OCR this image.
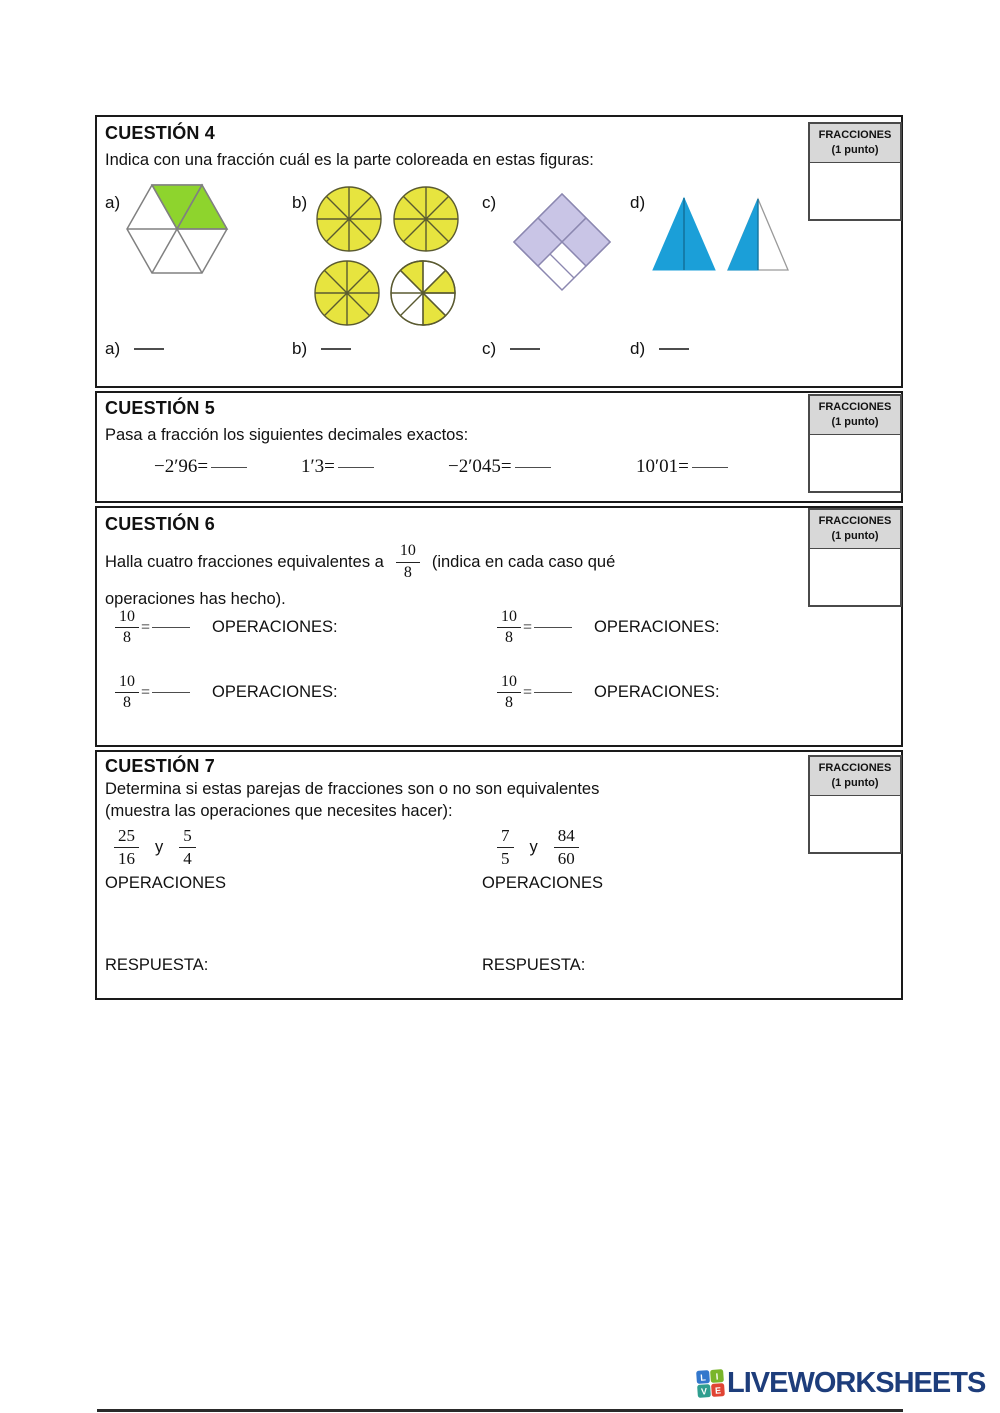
CUESTIÓN 4
Indica con una fracción cuál es la parte coloreada en estas figuras:
a)	b)	c)	d)
a)	b)	c)	d)
CUESTIÓN 5
Pasa a fracción los siguientes decimales exactos:
−2′96=	1′3=	−2′045=	10′01=
CUESTIÓN 6
Halla cuatro fracciones equivalentes a $\frac{10}{8}$ (indica en cada caso qué
operaciones has hecho).
$\frac{10}{8}$ =	OPERACIONES:	$\frac{10}{8}$ =	OPERACIONES:
$\frac{10}{8}$ =	OPERACIONES:	$\frac{10}{8}$ =	OPERACIONES:
CUESTIÓN 7
Determina si estas parejas de fracciones son o no son equivalentes
(muestra las operaciones que necesites hacer):
$\frac{25}{16}$ y $\frac{5}{4}$	$\frac{7}{5}$ y $\frac{84}{60}$
OPERACIONES	OPERACIONES
RESPUESTA:	RESPUESTA:
FRACCIONES
(1 punto)
FRACCIONES
(1 punto)
FRACCIONES
(1 punto)
FRACCIONES
(1 punto)
L	I
V E LIVEWORKSHEETS
